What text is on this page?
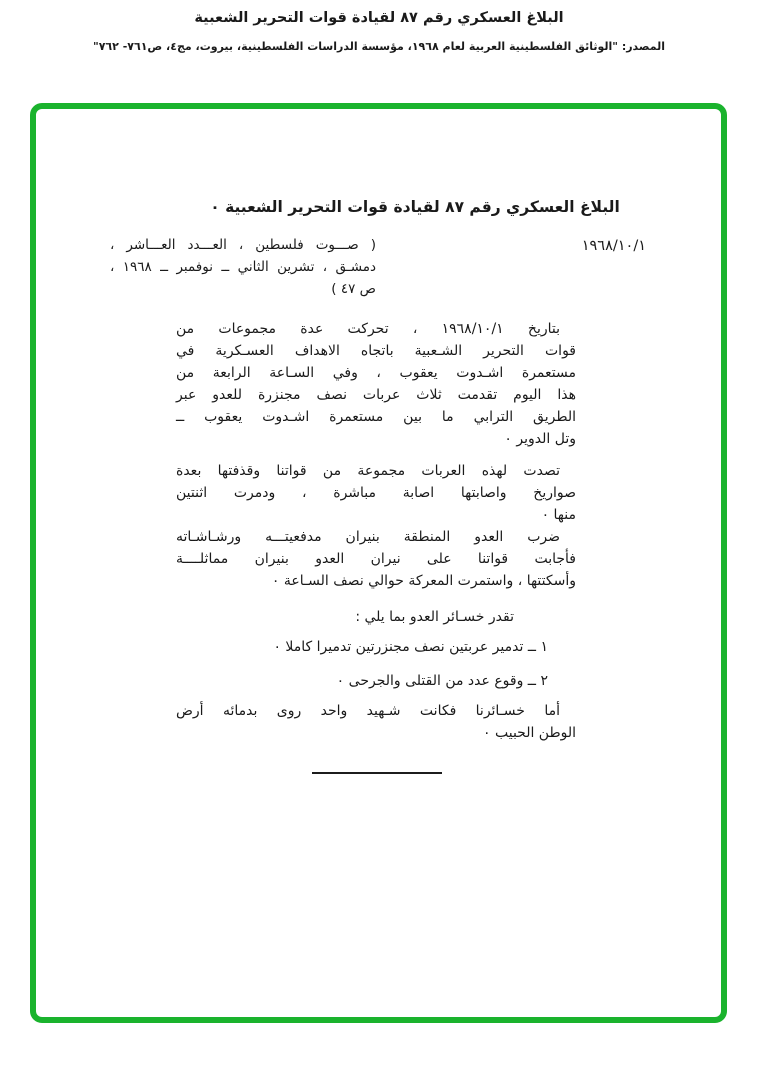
البلاغ العسكري رقم ٨٧ لقيادة قوات التحرير الشعبية
المصدر: "الوثائق الفلسطينية العربية لعام ١٩٦٨، مؤسسة الدراسات الفلسطينية، بيروت، مج٤، ص٧٦١- ٧٦٢"
البلاغ العسكري رقم ٨٧ لقيادة قوات التحرير الشعبية ٠
١٩٦٨/١٠/١
( صـــوت فلسطين ، العـــدد العـــاشر ،
دمشـق ، تشرين الثاني ــ نوفمبر ــ ١٩٦٨ ،
ص ٤٧ )
بتاريخ ١٩٦٨/١٠/١ ، تحركت عدة مجموعات من
قوات التحرير الشـعبية باتجاه الاهداف العسـكرية في
مستعمرة اشـدوت يعقوب ، وفي السـاعة الرابعة من
هذا اليوم تقدمت ثلاث عربات نصف مجنزرة للعدو عبر
الطريق الترابي ما بين مستعمرة اشـدوت يعقوب ــ
وتل الدوير ٠
تصدت لهذه العربات مجموعة من قواتنا وقذفتها بعدة
صواريخ واصابتها اصابة مباشرة ، ودمرت اثنتين
منها ٠
ضرب العدو المنطقة بنيران مدفعيتـــه ورشـاشـاته
فأجابت قواتنا على نيران العدو بنيران مماثلــــة
وأسكتتها ، واستمرت المعركة حوالي نصف السـاعة ٠
تقدر خسـائر العدو بما يلي :
١ ــ تدمير عربتين نصف مجنزرتين تدميرا كاملا ٠
٢ ــ وقوع عدد من القتلى والجرحى ٠
أما خسـائرنا فكانت شـهيد واحد روى بدمائه أرض
الوطن الحبيب ٠
